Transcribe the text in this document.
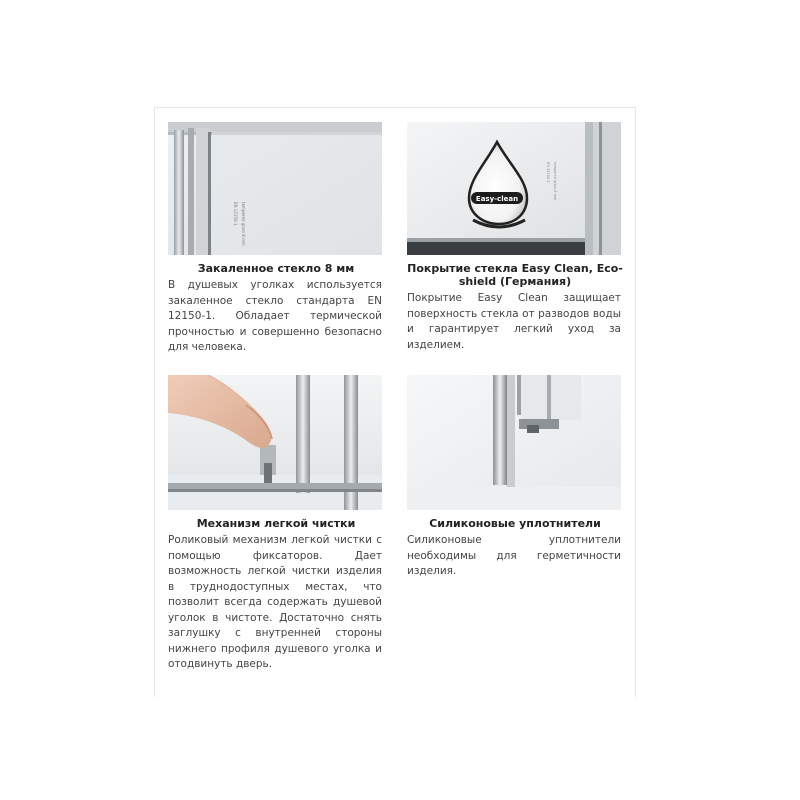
EN 12150-1 tempered glass 8 mm
Закаленное стекло 8 мм
В душевых уголках используется закаленное стекло стандарта EN 12150-1. Обладает термической прочностью и совершенно безопасно для человека.
Easy-clean
EN 12150-1 tempered glass 8 mm
Покрытие стекла Easy Clean, Eco-shield (Германия)
Покрытие Easy Clean защищает поверхность стекла от разводов воды и гарантирует легкий уход за изделием.
Механизм легкой чистки
Роликовый механизм легкой чистки с помощью фиксаторов. Дает возможность легкой чистки изделия в труднодоступных местах, что позволит всегда содержать душевой уголок в чистоте. Достаточно снять заглушку с внутренней стороны нижнего профиля душевого уголка и отодвинуть дверь.
Силиконовые уплотнители
Силиконовые уплотнители необходимы для герметичности изделия.
